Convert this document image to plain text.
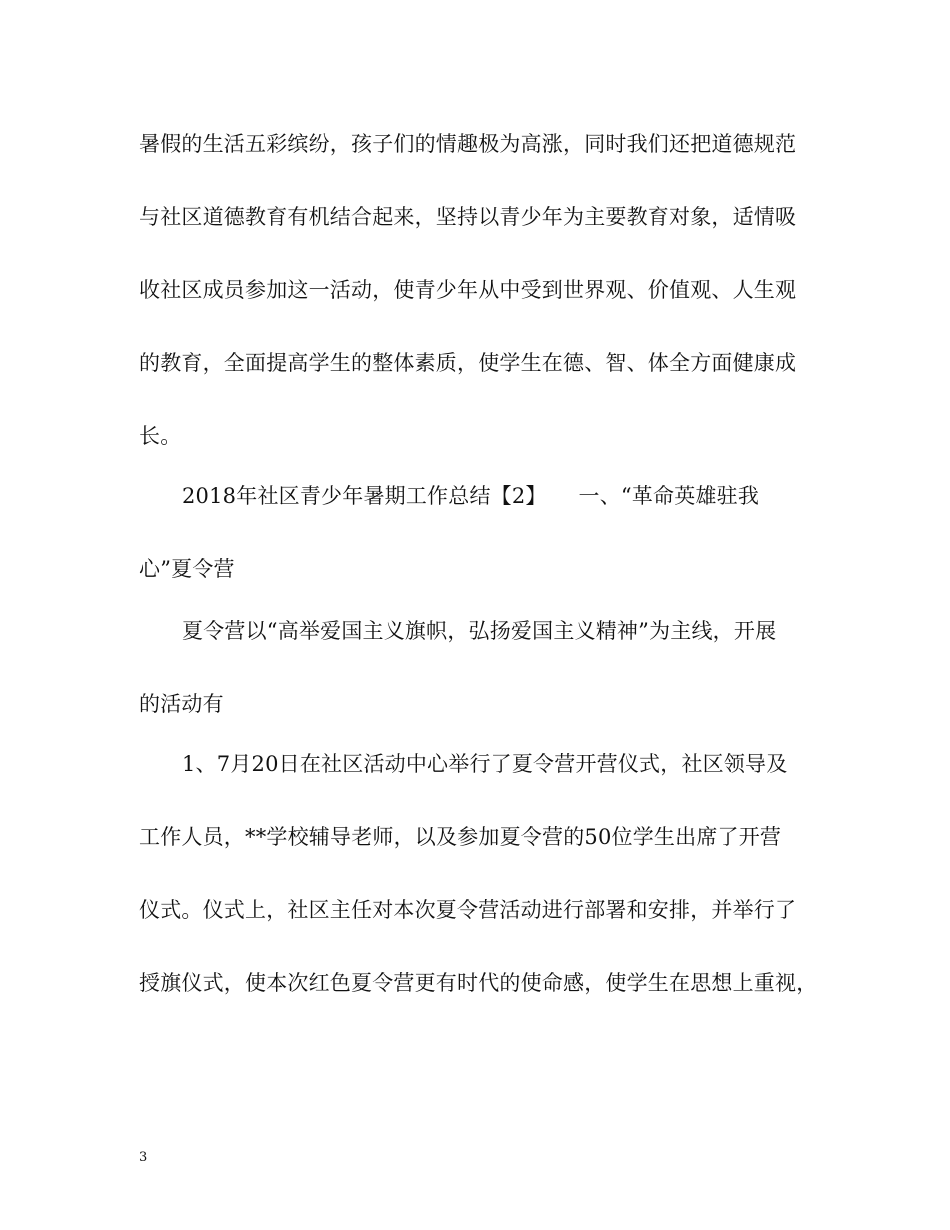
暑假的生活五彩缤纷，孩子们的情趣极为高涨，同时我们还把道德规范
与社区道德教育有机结合起来，坚持以青少年为主要教育对象，适情吸
收社区成员参加这一活动，使青少年从中受到世界观、价值观、人生观
的教育，全面提高学生的整体素质，使学生在德、智、体全方面健康成
长。
2018年社区青少年暑期工作总结【2】　　一、“革命英雄驻我
心”夏令营
夏令营以“高举爱国主义旗帜，弘扬爱国主义精神”为主线，开展
的活动有
1、7月20日在社区活动中心举行了夏令营开营仪式，社区领导及
工作人员，**学校辅导老师，以及参加夏令营的50位学生出席了开营
仪式。仪式上，社区主任对本次夏令营活动进行部署和安排，并举行了
授旗仪式，使本次红色夏令营更有时代的使命感，使学生在思想上重视，
3
